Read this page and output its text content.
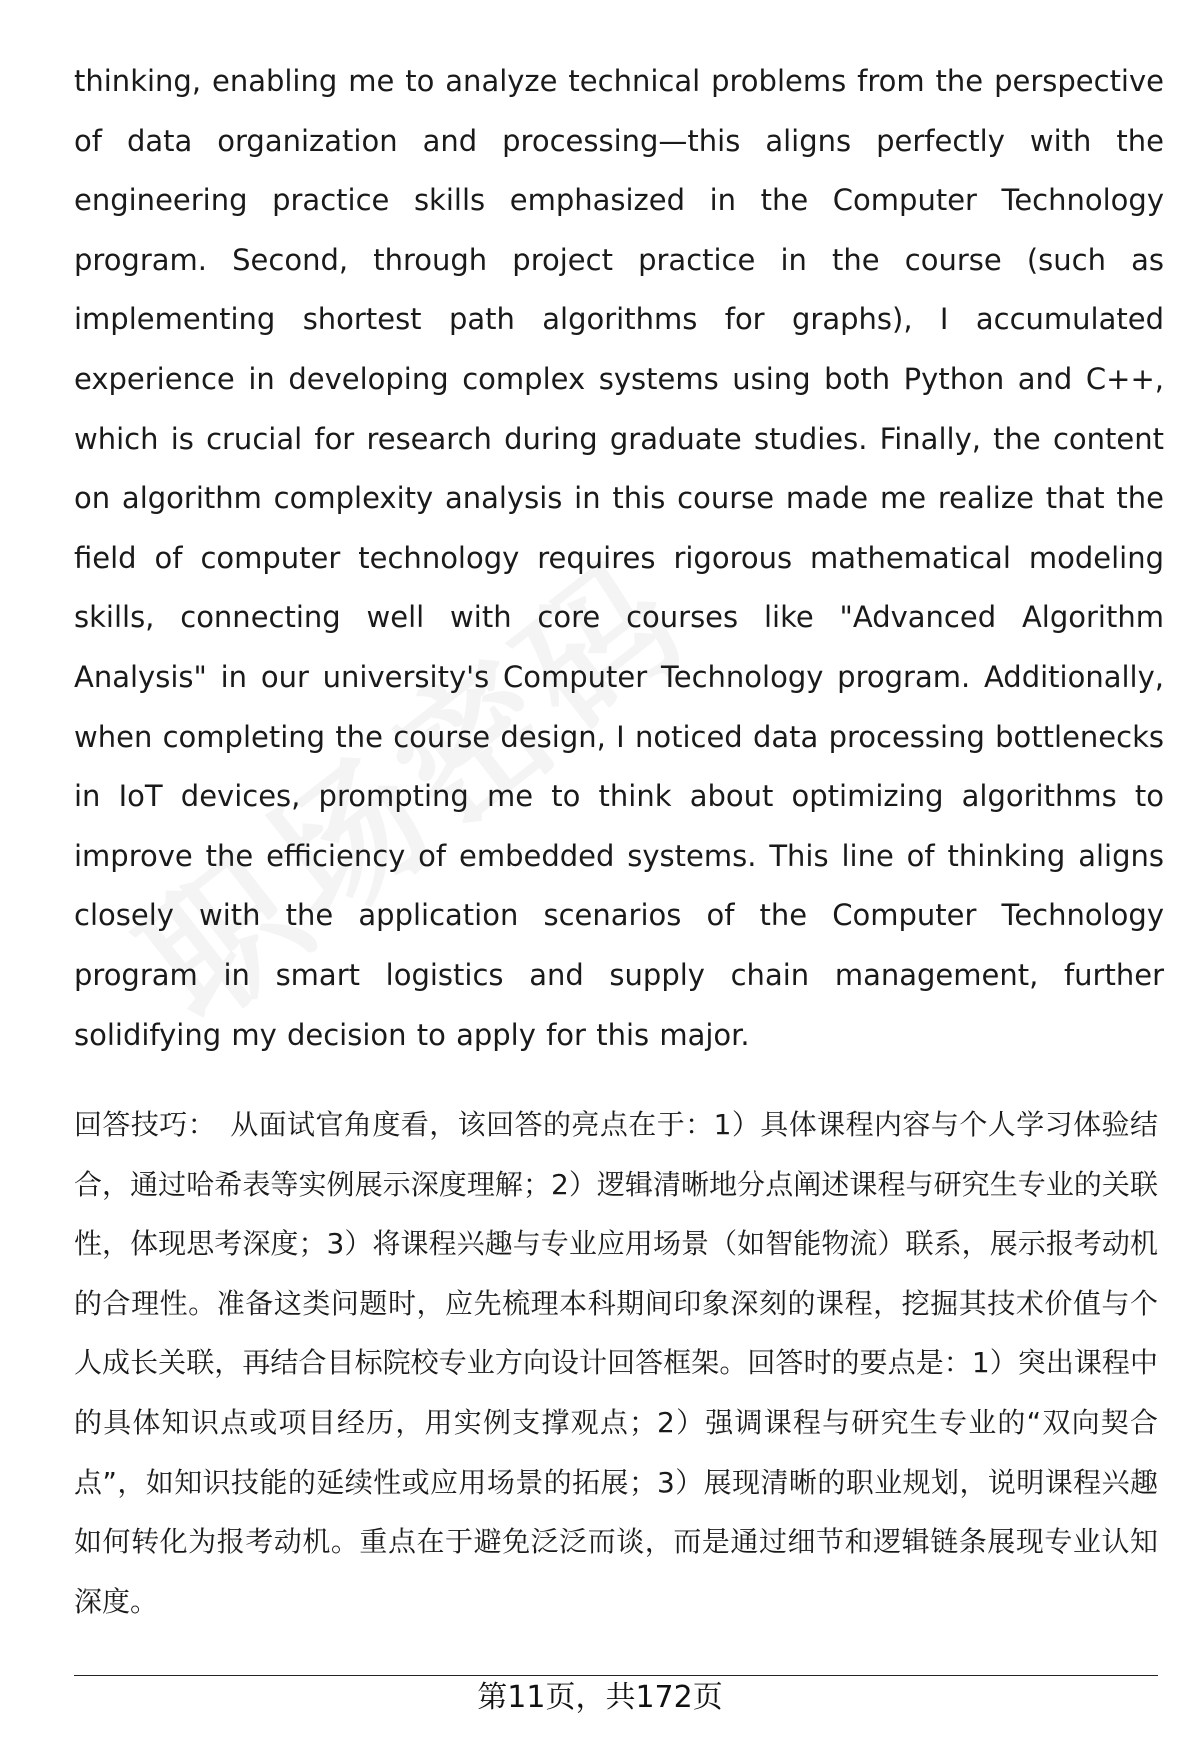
thinking, enabling me to analyze technical problems from the perspective of data organization and processing—this aligns perfectly with the engineering practice skills emphasized in the Computer Technology program. Second, through project practice in the course (such as implementing shortest path algorithms for graphs), I accumulated experience in developing complex systems using both Python and C++, which is crucial for research during graduate studies. Finally, the content on algorithm complexity analysis in this course made me realize that the field of computer technology requires rigorous mathematical modeling skills, connecting well with core courses like "Advanced Algorithm Analysis" in our university's Computer Technology program. Additionally, when completing the course design, I noticed data processing bottlenecks in IoT devices, prompting me to think about optimizing algorithms to improve the efficiency of embedded systems. This line of thinking aligns closely with the application scenarios of the Computer Technology program in smart logistics and supply chain management, further solidifying my decision to apply for this major.

回答技巧： 从面试官角度看，该回答的亮点在于：1）具体课程内容与个人学习体验结合，通过哈希表等实例展示深度理解；2）逻辑清晰地分点阐述课程与研究生专业的关联性，体现思考深度；3）将课程兴趣与专业应用场景（如智能物流）联系，展示报考动机的合理性。准备这类问题时，应先梳理本科期间印象深刻的课程，挖掘其技术价值与个人成长关联，再结合目标院校专业方向设计回答框架。回答时的要点是：1）突出课程中的具体知识点或项目经历，用实例支撑观点；2）强调课程与研究生专业的“双向契合点”，如知识技能的延续性或应用场景的拓展；3）展现清晰的职业规划，说明课程兴趣如何转化为报考动机。重点在于避免泛泛而谈，而是通过细节和逻辑链条展现专业认知深度。

第11页，共172页
